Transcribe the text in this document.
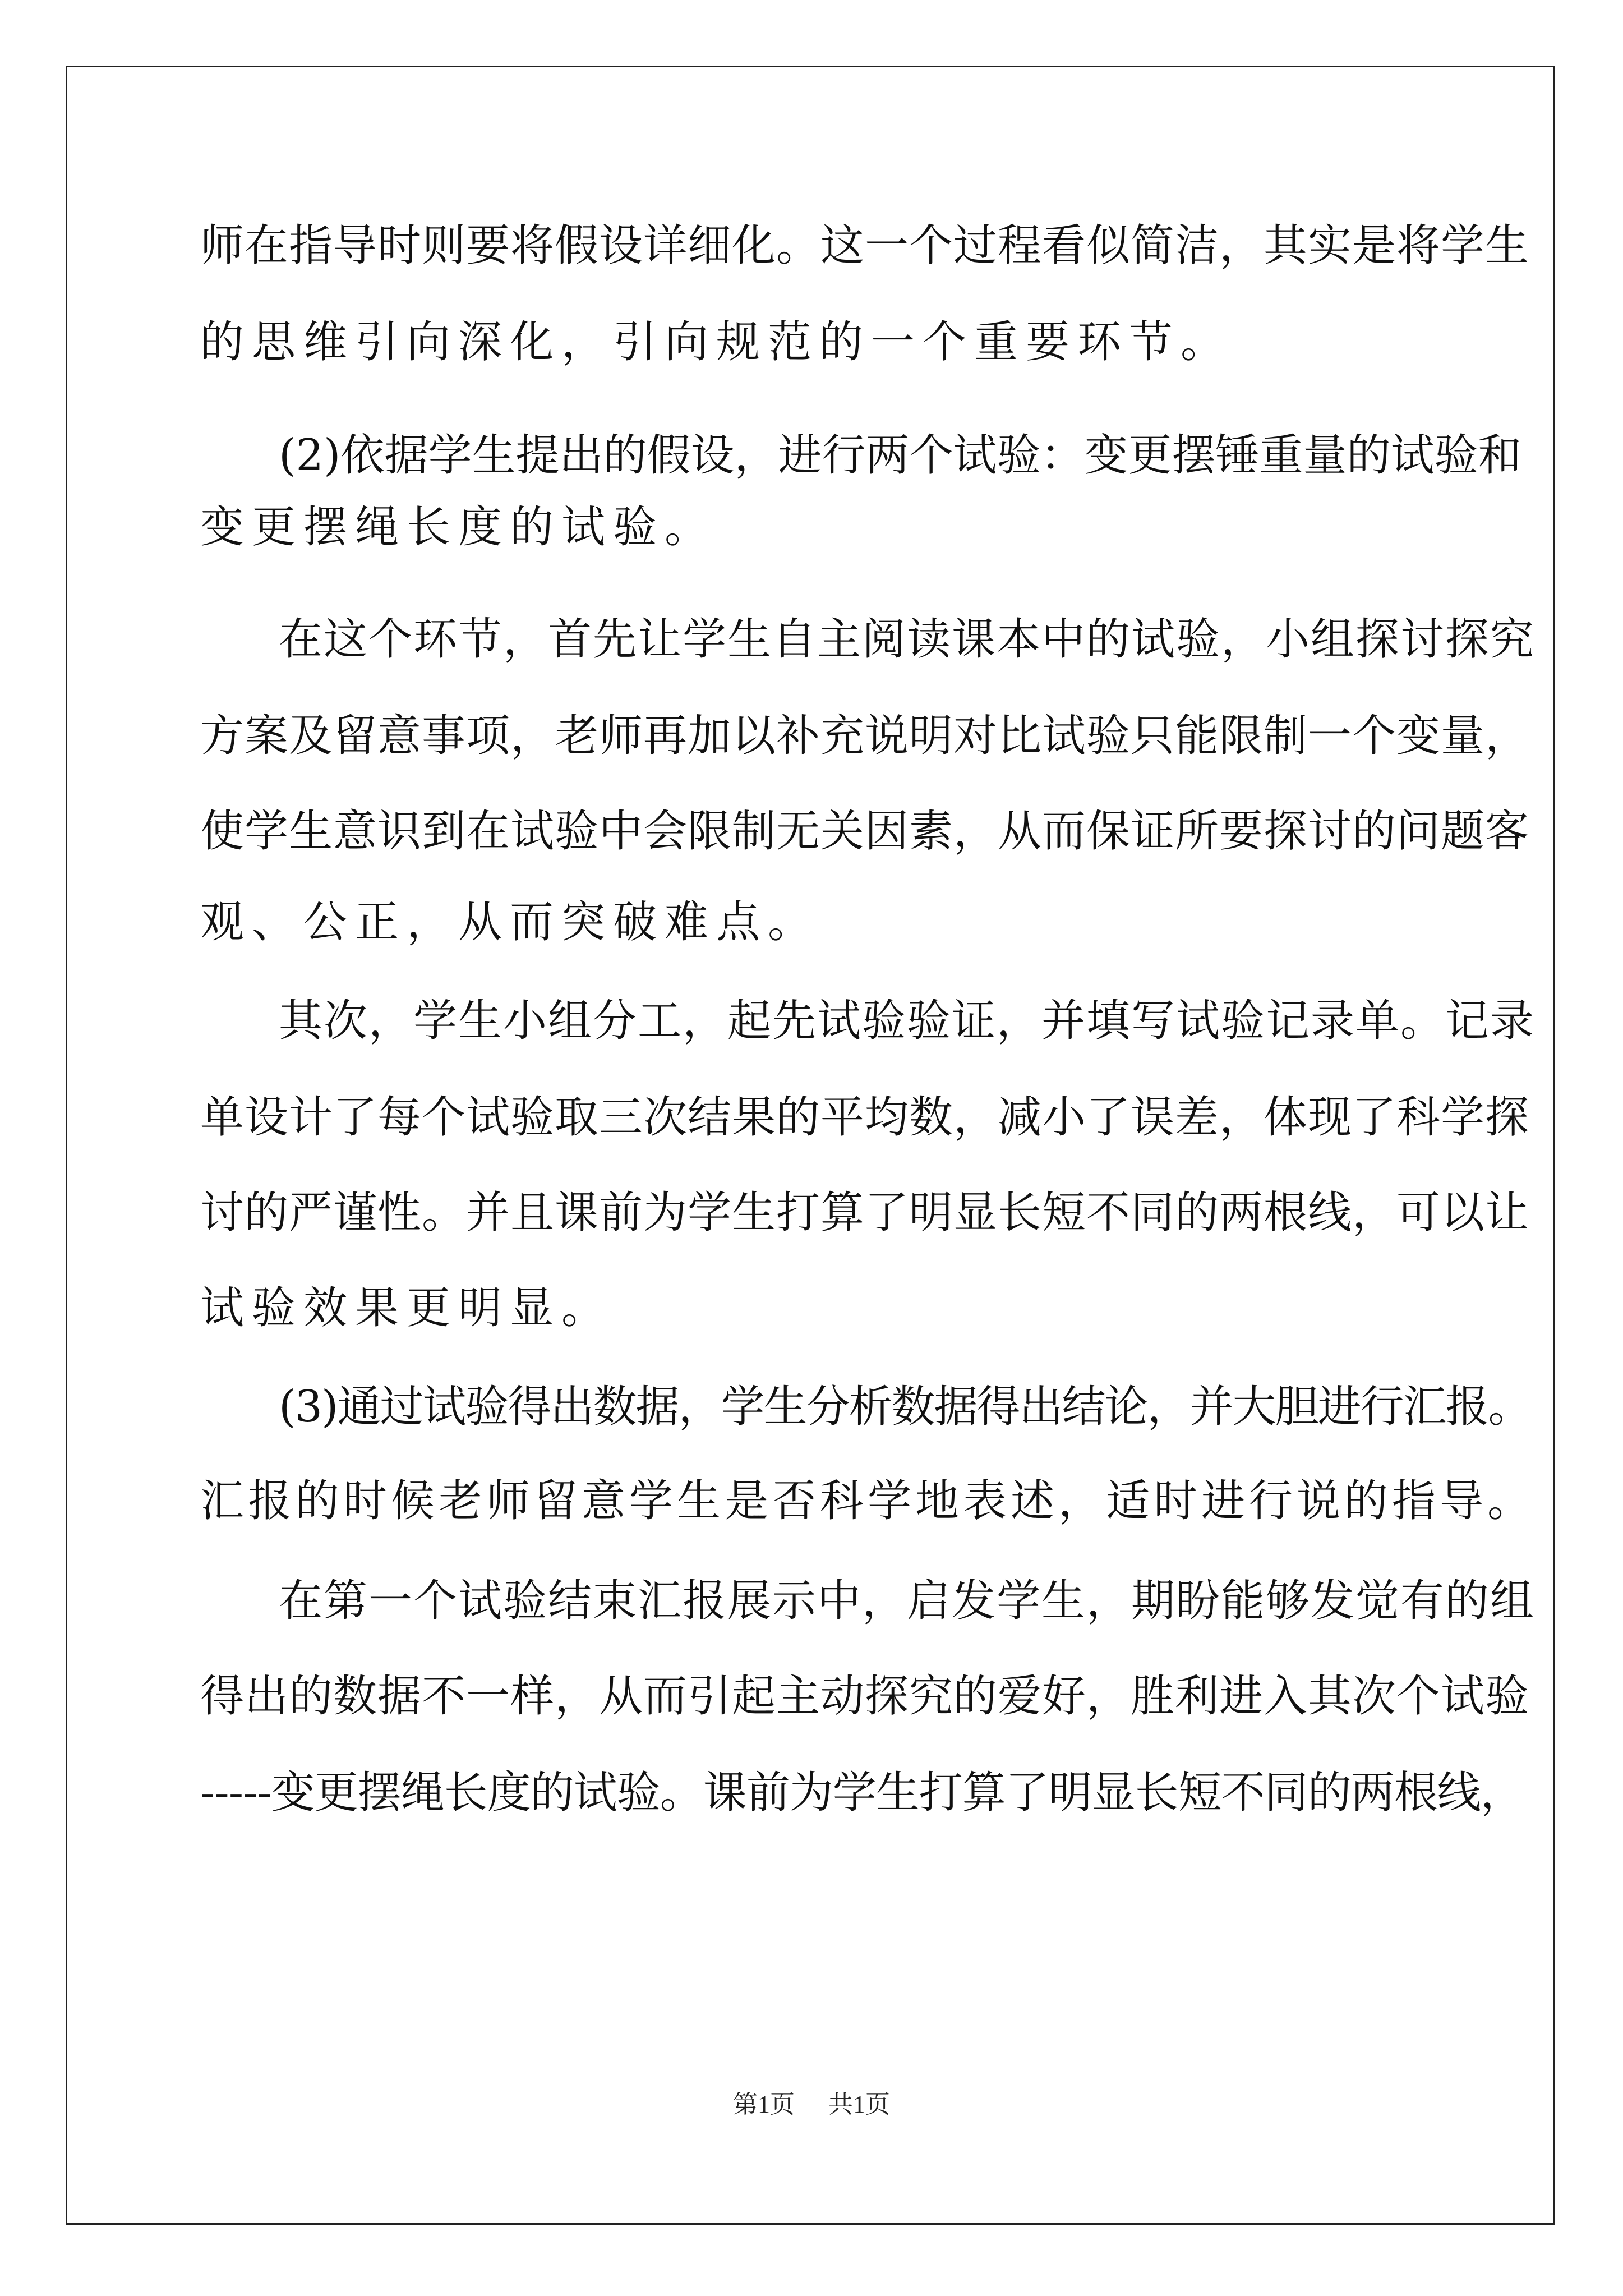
师在指导时则要将假设详细化。这一个过程看似简洁，其实是将学生
的思维引向深化，引向规范的一个重要环节。
(2)依据学生提出的假设，进行两个试验：变更摆锤重量的试验和
变更摆绳长度的试验。
在这个环节，首先让学生自主阅读课本中的试验，小组探讨探究
方案及留意事项，老师再加以补充说明对比试验只能限制一个变量，
使学生意识到在试验中会限制无关因素，从而保证所要探讨的问题客
观、公正，从而突破难点。
其次，学生小组分工，起先试验验证，并填写试验记录单。记录
单设计了每个试验取三次结果的平均数，减小了误差，体现了科学探
讨的严谨性。并且课前为学生打算了明显长短不同的两根线，可以让
试验效果更明显。
(3)通过试验得出数据，学生分析数据得出结论，并大胆进行汇报。
汇报的时候老师留意学生是否科学地表述，适时进行说的指导。
在第一个试验结束汇报展示中，启发学生，期盼能够发觉有的组
得出的数据不一样，从而引起主动探究的爱好，胜利进入其次个试验
-----变更摆绳长度的试验。课前为学生打算了明显长短不同的两根线，
第1页 共1页
